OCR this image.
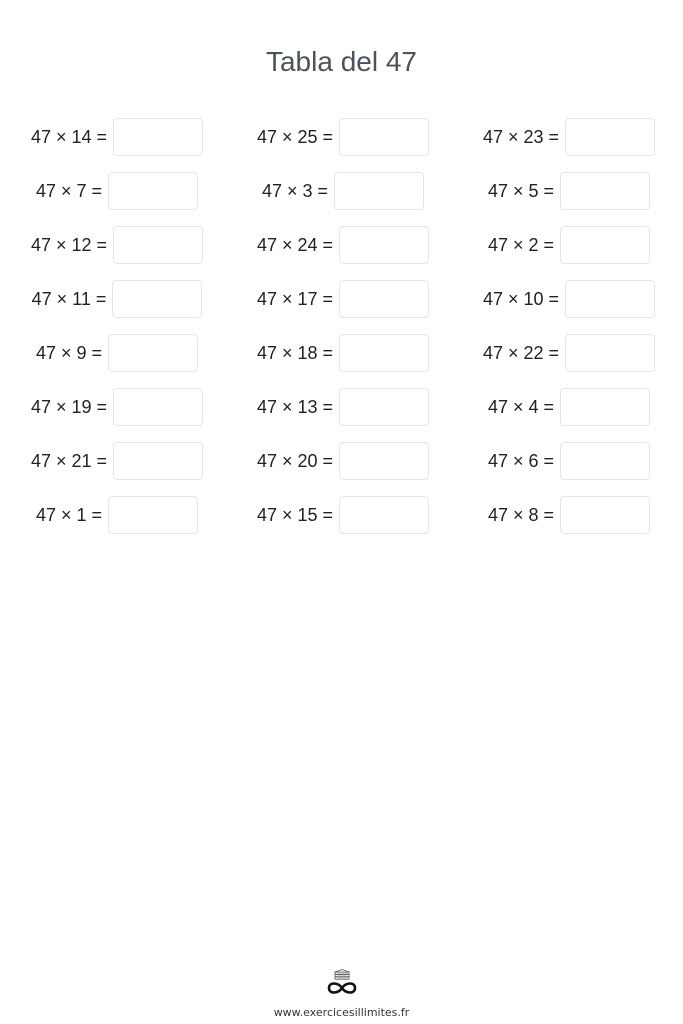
Tabla del 47
47 × 14 =	47 × 25 =	47 × 23 =
47 × 7 =	47 × 3 =	47 × 5 =
47 × 12 =	47 × 24 =	47 × 2 =
47 × 11 =	47 × 17 =	47 × 10 =
47 × 9 =	47 × 18 =	47 × 22 =
47 × 19 =	47 × 13 =	47 × 4 =
47 × 21 =	47 × 20 =	47 × 6 =
47 × 1 =	47 × 15 =	47 × 8 =
www.exercicesillimites.fr
